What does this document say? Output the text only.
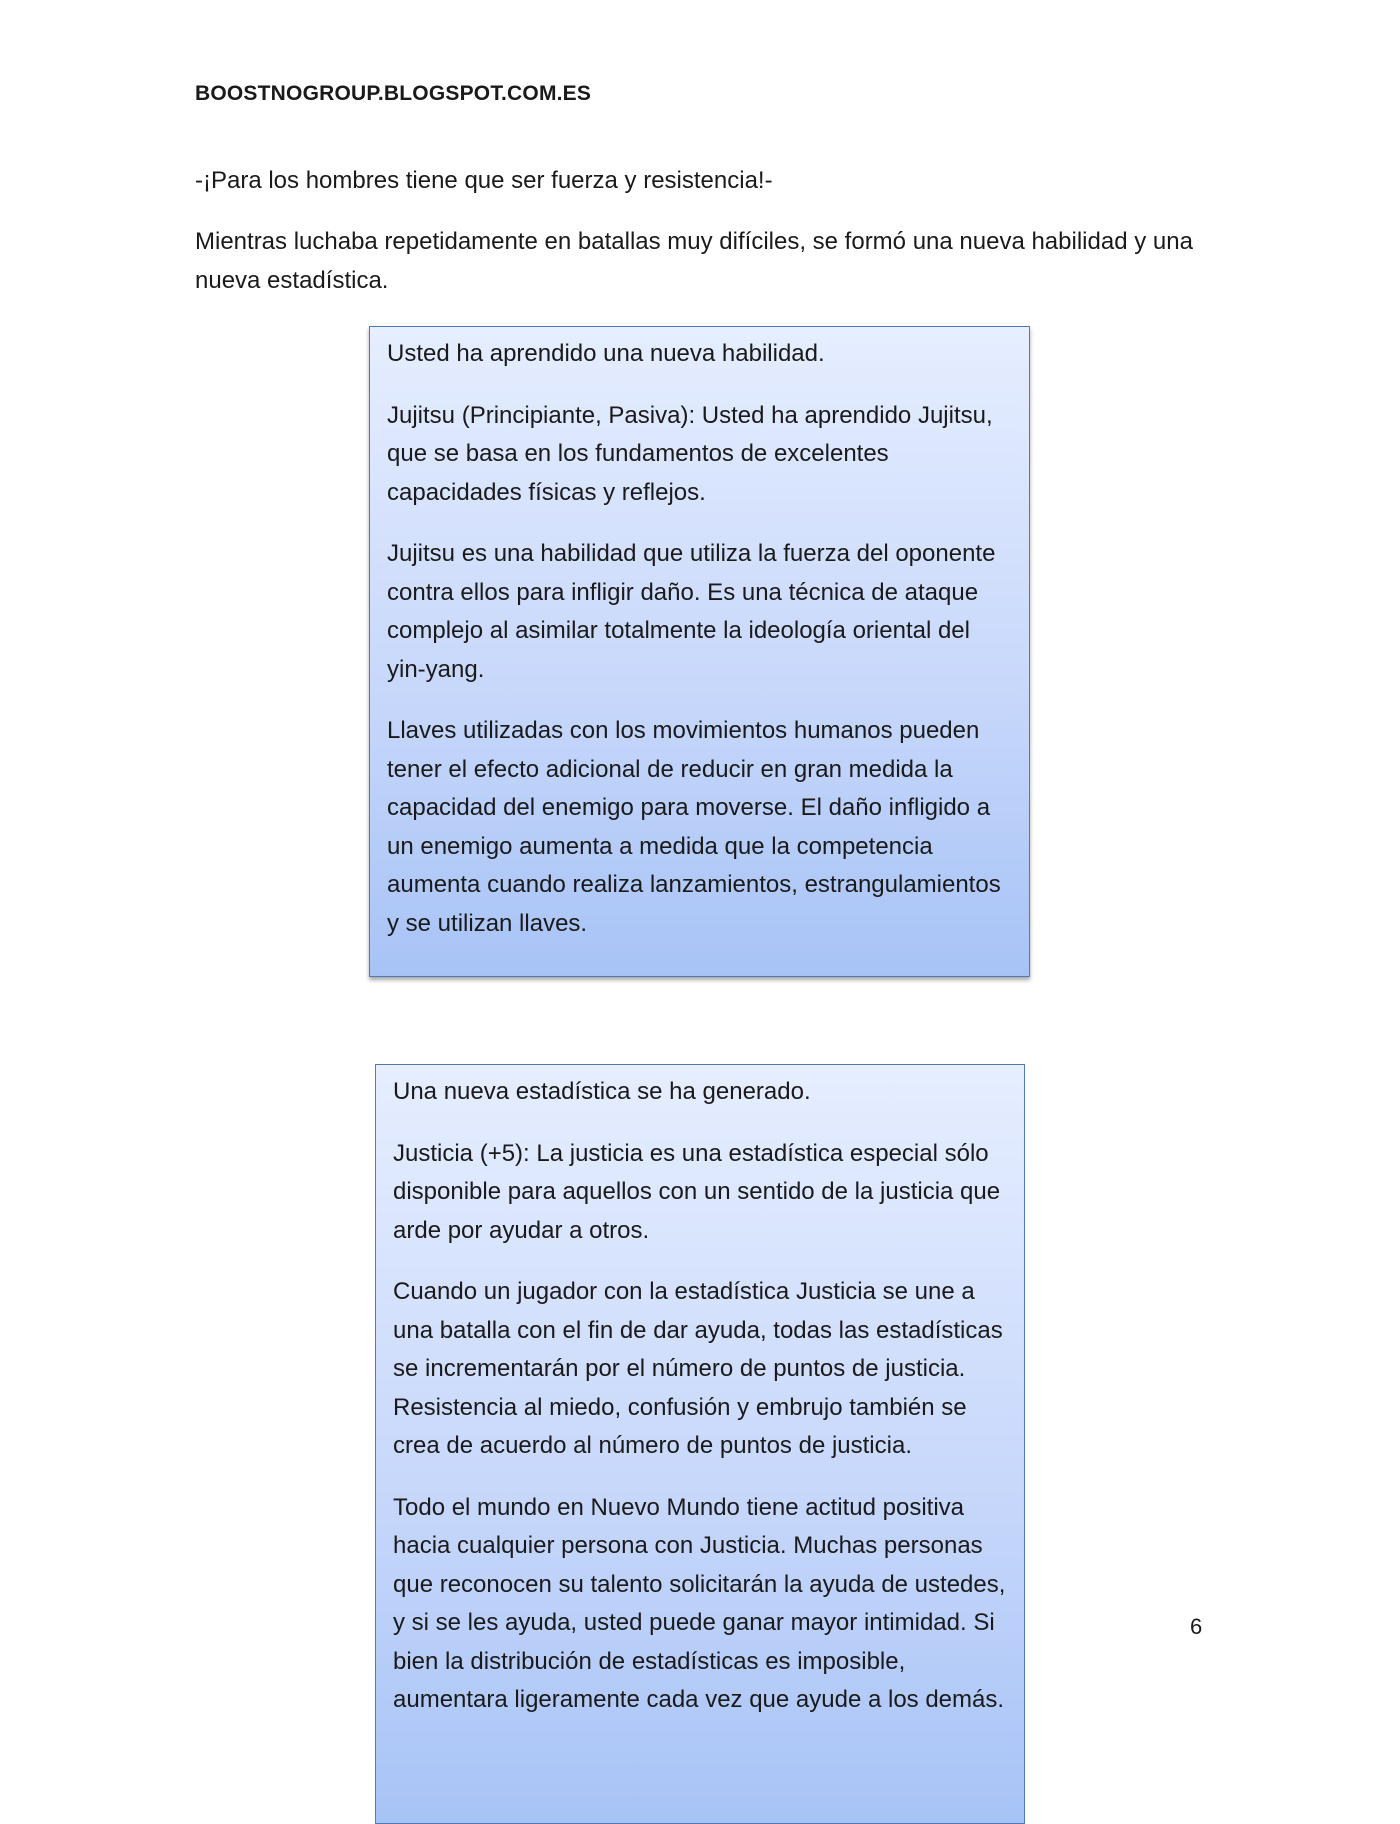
BOOSTNOGROUP.BLOGSPOT.COM.ES

-¡Para los hombres tiene que ser fuerza y resistencia!-

Mientras luchaba repetidamente en batallas muy difíciles, se formó una nueva habilidad y una nueva estadística.

Usted ha aprendido una nueva habilidad.

Jujitsu (Principiante, Pasiva): Usted ha aprendido Jujitsu, que se basa en los fundamentos de excelentes capacidades físicas y reflejos.

Jujitsu es una habilidad que utiliza la fuerza del oponente contra ellos para infligir daño. Es una técnica de ataque complejo al asimilar totalmente la ideología oriental del yin-yang.

Llaves utilizadas con los movimientos humanos pueden tener el efecto adicional de reducir en gran medida la capacidad del enemigo para moverse. El daño infligido a un enemigo aumenta a medida que la competencia aumenta cuando realiza lanzamientos, estrangulamientos y se utilizan llaves.

Una nueva estadística se ha generado.

Justicia (+5): La justicia es una estadística especial sólo disponible para aquellos con un sentido de la justicia que arde por ayudar a otros.

Cuando un jugador con la estadística Justicia se une a una batalla con el fin de dar ayuda, todas las estadísticas se incrementarán por el número de puntos de justicia. Resistencia al miedo, confusión y embrujo también se crea de acuerdo al número de puntos de justicia.

Todo el mundo en Nuevo Mundo tiene actitud positiva hacia cualquier persona con Justicia. Muchas personas que reconocen su talento solicitarán la ayuda de ustedes, y si se les ayuda, usted puede ganar mayor intimidad. Si bien la distribución de estadísticas es imposible, aumentara ligeramente cada vez que ayude a los demás.

6
